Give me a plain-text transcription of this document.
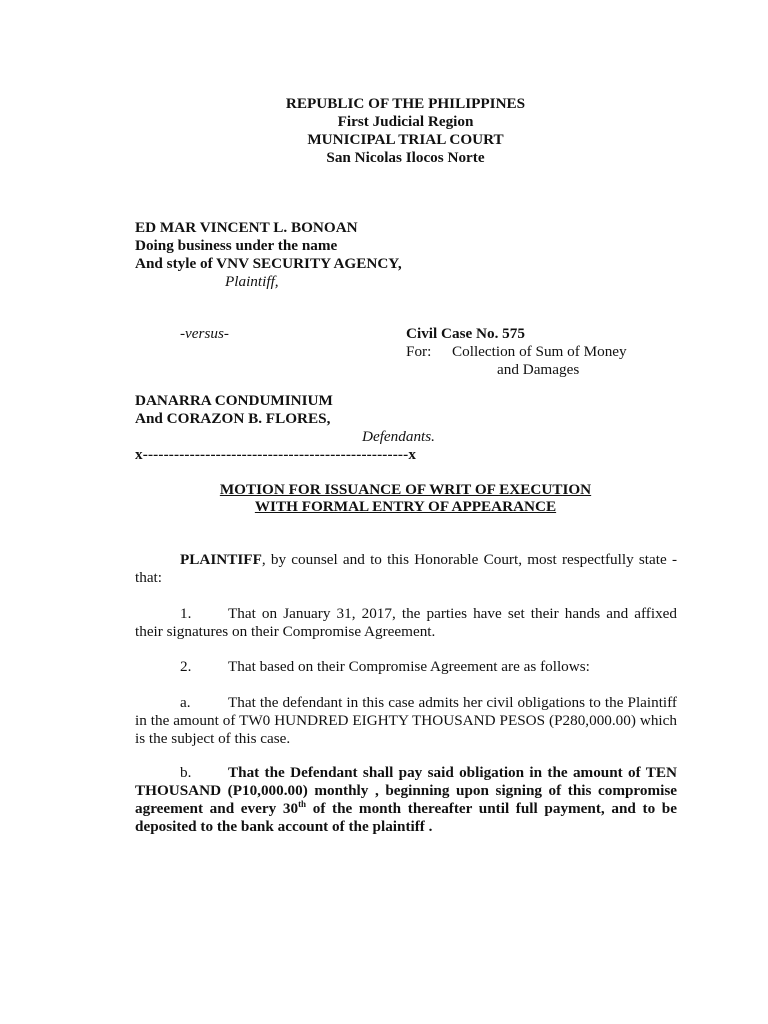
REPUBLIC OF THE PHILIPPINES
First Judicial Region
MUNICIPAL TRIAL COURT
San Nicolas Ilocos Norte
ED MAR VINCENT L. BONOAN
Doing business under the name
And style of VNV SECURITY AGENCY,
Plaintiff,
-versus-	Civil Case No. 575
For: Collection of Sum of Money
and Damages
DANARRA CONDUMINIUM
And CORAZON B. FLORES,
Defendants.
x---------------------------------------------------x
MOTION FOR ISSUANCE OF WRIT OF EXECUTION
WITH FORMAL ENTRY OF APPEARANCE
PLAINTIFF, by counsel and to this Honorable Court, most respectfully state - that:
1. That on January 31, 2017, the parties have set their hands and affixed their signatures on their Compromise Agreement.
2. That based on their Compromise Agreement are as follows:
a. That the defendant in this case admits her civil obligations to the Plaintiff in the amount of TW0 HUNDRED EIGHTY THOUSAND PESOS (P280,000.00) which is the subject of this case.
b. That the Defendant shall pay said obligation in the amount of TEN THOUSAND (P10,000.00) monthly , beginning upon signing of this compromise agreement and every 30th of the month thereafter until full payment, and to be deposited to the bank account of the plaintiff .
